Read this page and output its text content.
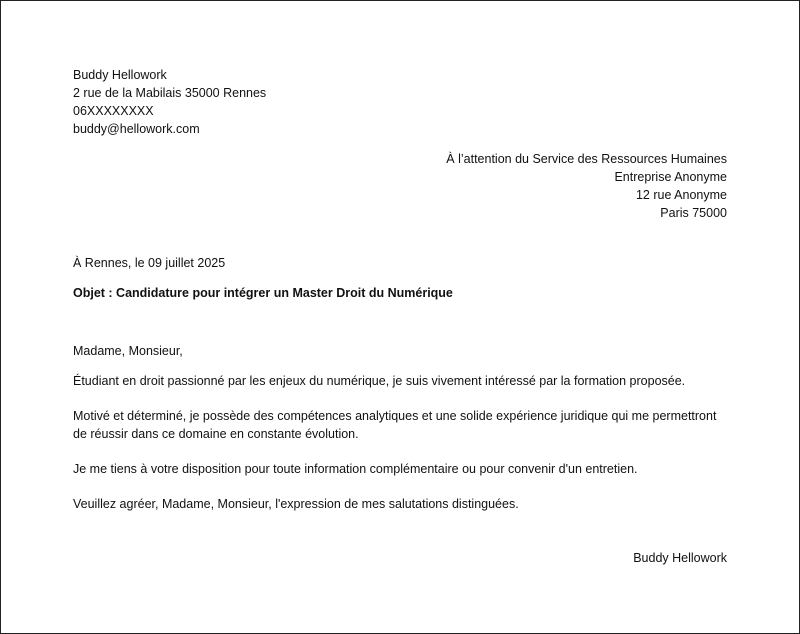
Buddy Hellowork
2 rue de la Mabilais 35000 Rennes
06XXXXXXXX
buddy@hellowork.com
À l’attention du Service des Ressources Humaines
Entreprise Anonyme
12 rue Anonyme
Paris 75000
À Rennes, le 09 juillet 2025
Objet : Candidature pour intégrer un Master Droit du Numérique
Madame, Monsieur,
Étudiant en droit passionné par les enjeux du numérique, je suis vivement intéressé par la formation proposée.
Motivé et déterminé, je possède des compétences analytiques et une solide expérience juridique qui me permettront de réussir dans ce domaine en constante évolution.
Je me tiens à votre disposition pour toute information complémentaire ou pour convenir d'un entretien.
Veuillez agréer, Madame, Monsieur, l'expression de mes salutations distinguées.
Buddy Hellowork
